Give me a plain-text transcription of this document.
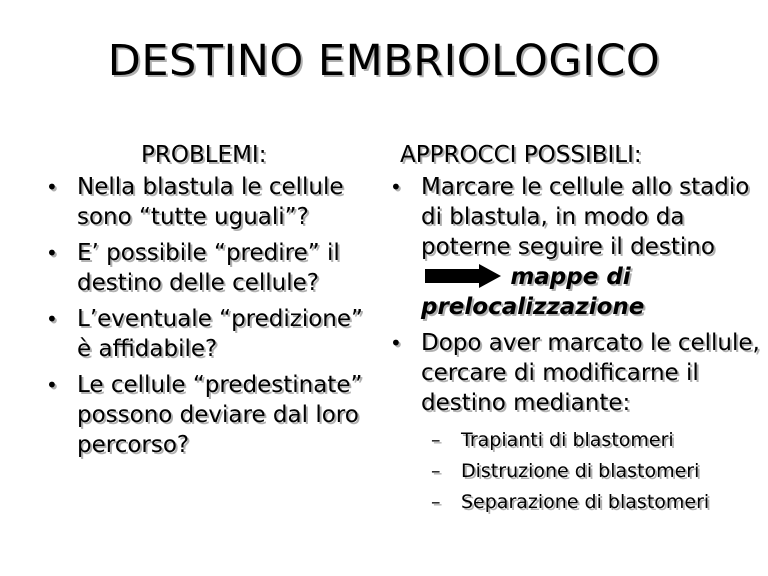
DESTINO EMBRIOLOGICO
PROBLEMI:
• Nella blastula le cellule sono “tutte uguali”?
• E’ possibile “predire” il destino delle cellule?
• L’eventuale “predizione” è affidabile?
• Le cellule “predestinate” possono deviare dal loro percorso?
APPROCCI POSSIBILI:
• Marcare le cellule allo stadio di blastula, in modo da poterne seguire il destino
mappe di prelocalizzazione
• Dopo aver marcato le cellule, cercare di modificarne il destino mediante:
– Trapianti di blastomeri
– Distruzione di blastomeri
– Separazione di blastomeri
